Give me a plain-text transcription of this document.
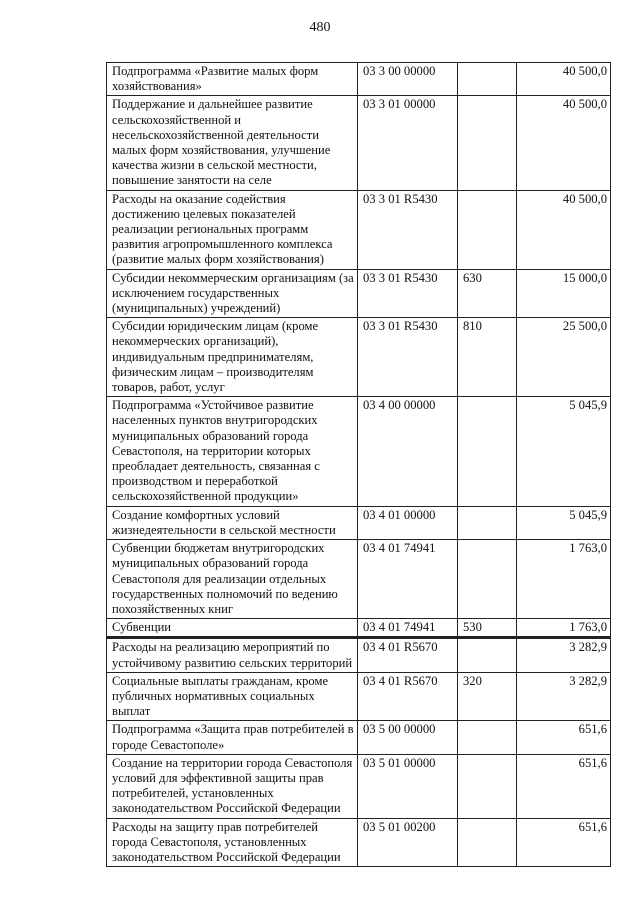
480
Подпрограмма «Развитие малых форм хозяйствования»	03 3 00 00000		40 500,0
Поддержание и дальнейшее развитие сельскохозяйственной и несельскохозяйственной деятельности малых форм хозяйствования, улучшение качества жизни в сельской местности, повышение занятости на селе	03 3 01 00000		40 500,0
Расходы на оказание содействия достижению целевых показателей реализации региональных программ развития агропромышленного комплекса (развитие малых форм хозяйствования)	03 3 01 R5430		40 500,0
Субсидии некоммерческим организациям (за исключением государственных (муниципальных) учреждений)	03 3 01 R5430	630	15 000,0
Субсидии юридическим лицам (кроме некоммерческих организаций), индивидуальным предпринимателям, физическим лицам – производителям товаров, работ, услуг	03 3 01 R5430	810	25 500,0
Подпрограмма «Устойчивое развитие населенных пунктов внутригородских муниципальных образований города Севастополя, на территории которых преобладает деятельность, связанная с производством и переработкой сельскохозяйственной продукции»	03 4 00 00000		5 045,9
Создание комфортных условий жизнедеятельности в сельской местности	03 4 01 00000		5 045,9
Субвенции бюджетам внутригородских муниципальных образований города Севастополя для реализации отдельных государственных полномочий по ведению похозяйственных книг	03 4 01 74941		1 763,0
Субвенции	03 4 01 74941	530	1 763,0
Расходы на реализацию мероприятий по устойчивому развитию сельских территорий	03 4 01 R5670		3 282,9
Социальные выплаты гражданам, кроме публичных нормативных социальных выплат	03 4 01 R5670	320	3 282,9
Подпрограмма «Защита прав потребителей в городе Севастополе»	03 5 00 00000		651,6
Создание на территории города Севастополя условий для эффективной защиты прав потребителей, установленных законодательством Российской Федерации	03 5 01 00000		651,6
Расходы на защиту прав потребителей города Севастополя, установленных законодательством Российской Федерации	03 5 01 00200		651,6
